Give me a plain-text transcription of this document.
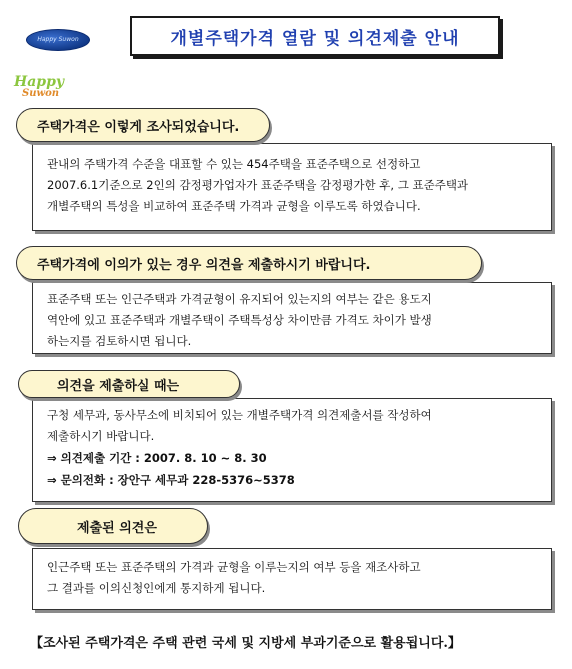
Happy Suwon	개별주택가격 열람 및 의견제출 안내
Happy
Suwon
관내의 주택가격 수준을 대표할 수 있는 454주택을 표준주택으로 선정하고
2007.6.1기준으로 2인의 감정평가업자가 표준주택을 감정평가한 후, 그 표준주택과
개별주택의 특성을 비교하여 표준주택 가격과 균형을 이루도록 하였습니다.
주택가격은 이렇게 조사되었습니다.
표준주택 또는 인근주택과 가격균형이 유지되어 있는지의 여부는 같은 용도지
역안에 있고 표준주택과 개별주택이 주택특성상 차이만큼 가격도 차이가 발생
하는지를 검토하시면 됩니다.
주택가격에 이의가 있는 경우 의견을 제출하시기 바랍니다.
구청 세무과, 동사무소에 비치되어 있는 개별주택가격 의견제출서를 작성하여
제출하시기 바랍니다.
⇒ 의견제출 기간 : 2007. 8. 10 ~ 8. 30
⇒ 문의전화 : 장안구 세무과 228-5376~5378
의견을 제출하실 때는
인근주택 또는 표준주택의 가격과 균형을 이루는지의 여부 등을 재조사하고
그 결과를 이의신청인에게 통지하게 됩니다.
제출된 의견은
【조사된 주택가격은 주택 관련 국세 및 지방세 부과기준으로 활용됩니다.】
